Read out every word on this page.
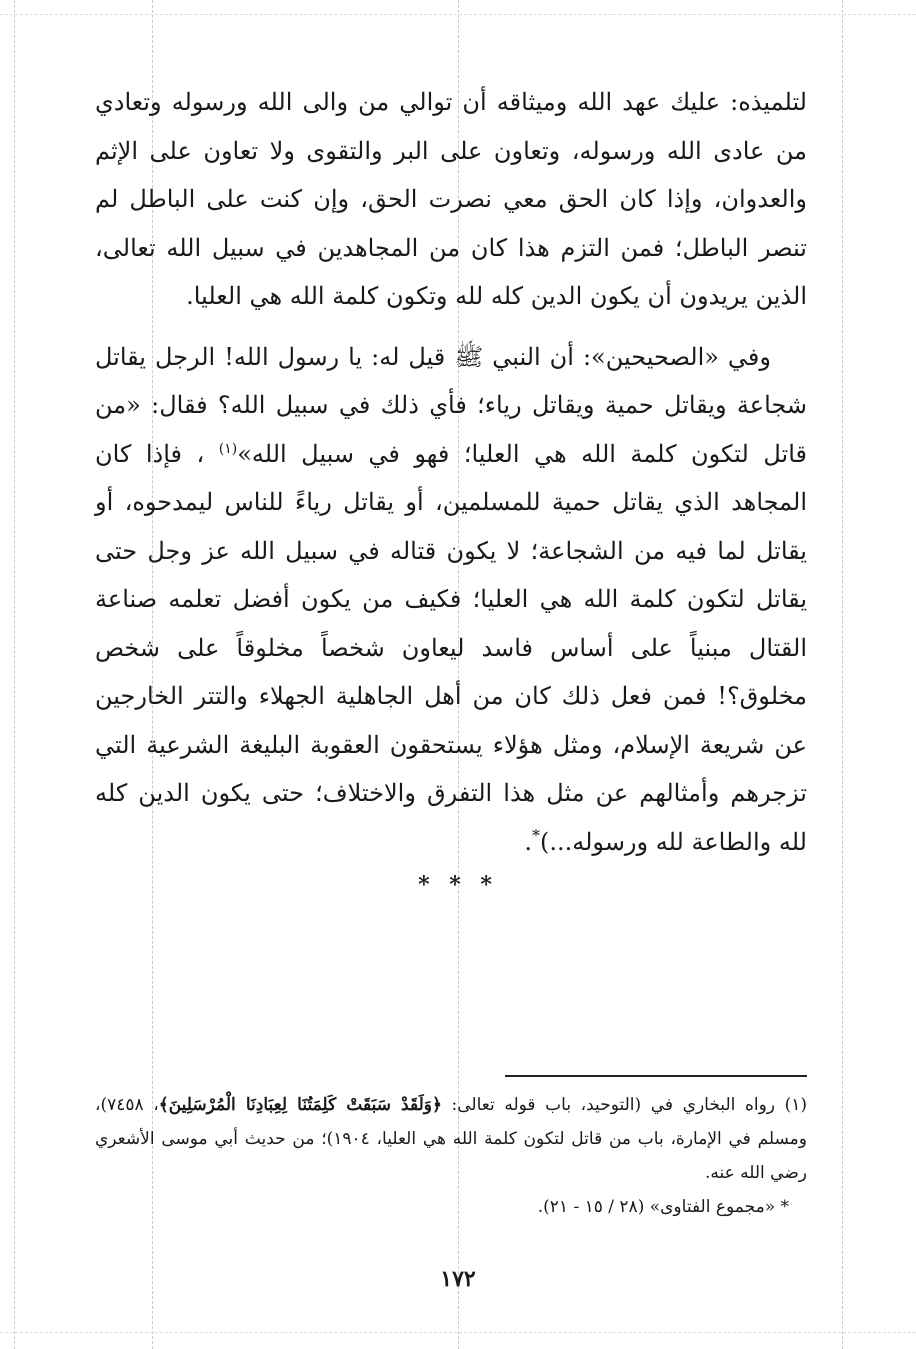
لتلميذه: عليك عهد الله وميثاقه أن توالي من والى الله ورسوله وتعادي من عادى الله ورسوله، وتعاون على البر والتقوى ولا تعاون على الإثم والعدوان، وإذا كان الحق معي نصرت الحق، وإن كنت على الباطل لم تنصر الباطل؛ فمن التزم هذا كان من المجاهدين في سبيل الله تعالى، الذين يريدون أن يكون الدين كله لله وتكون كلمة الله هي العليا.

وفي «الصحيحين»: أن النبي ﷺ قيل له: يا رسول الله! الرجل يقاتل شجاعة ويقاتل حمية ويقاتل رياء؛ فأي ذلك في سبيل الله؟ فقال: «من قاتل لتكون كلمة الله هي العليا؛ فهو في سبيل الله»$^{(١)}$ ، فإذا كان المجاهد الذي يقاتل حمية للمسلمين، أو يقاتل رياءً للناس ليمدحوه، أو يقاتل لما فيه من الشجاعة؛ لا يكون قتاله في سبيل الله عز وجل حتى يقاتل لتكون كلمة الله هي العليا؛ فكيف من يكون أفضل تعلمه صناعة القتال مبنياً على أساس فاسد ليعاون شخصاً مخلوقاً على شخص مخلوق؟! فمن فعل ذلك كان من أهل الجاهلية الجهلاء والتتر الخارجين عن شريعة الإسلام، ومثل هؤلاء يستحقون العقوبة البليغة الشرعية التي تزجرهم وأمثالهم عن مثل هذا التفرق والاختلاف؛ حتى يكون الدين كله لله والطاعة لله ورسوله...)*.

* * *

(١) رواه البخاري في (التوحيد، باب قوله تعالى: ﴿وَلَقَدْ سَبَقَتْ كَلِمَتُنَا لِعِبَادِنَا الْمُرْسَلِينَ﴾، ٧٤٥٨)، ومسلم في الإمارة، باب من قاتل لتكون كلمة الله هي العليا، ١٩٠٤)؛ من حديث أبي موسى الأشعري رضي الله عنه.

* «مجموع الفتاوى» (٢٨ / ١٥ - ٢١).

١٧٢
